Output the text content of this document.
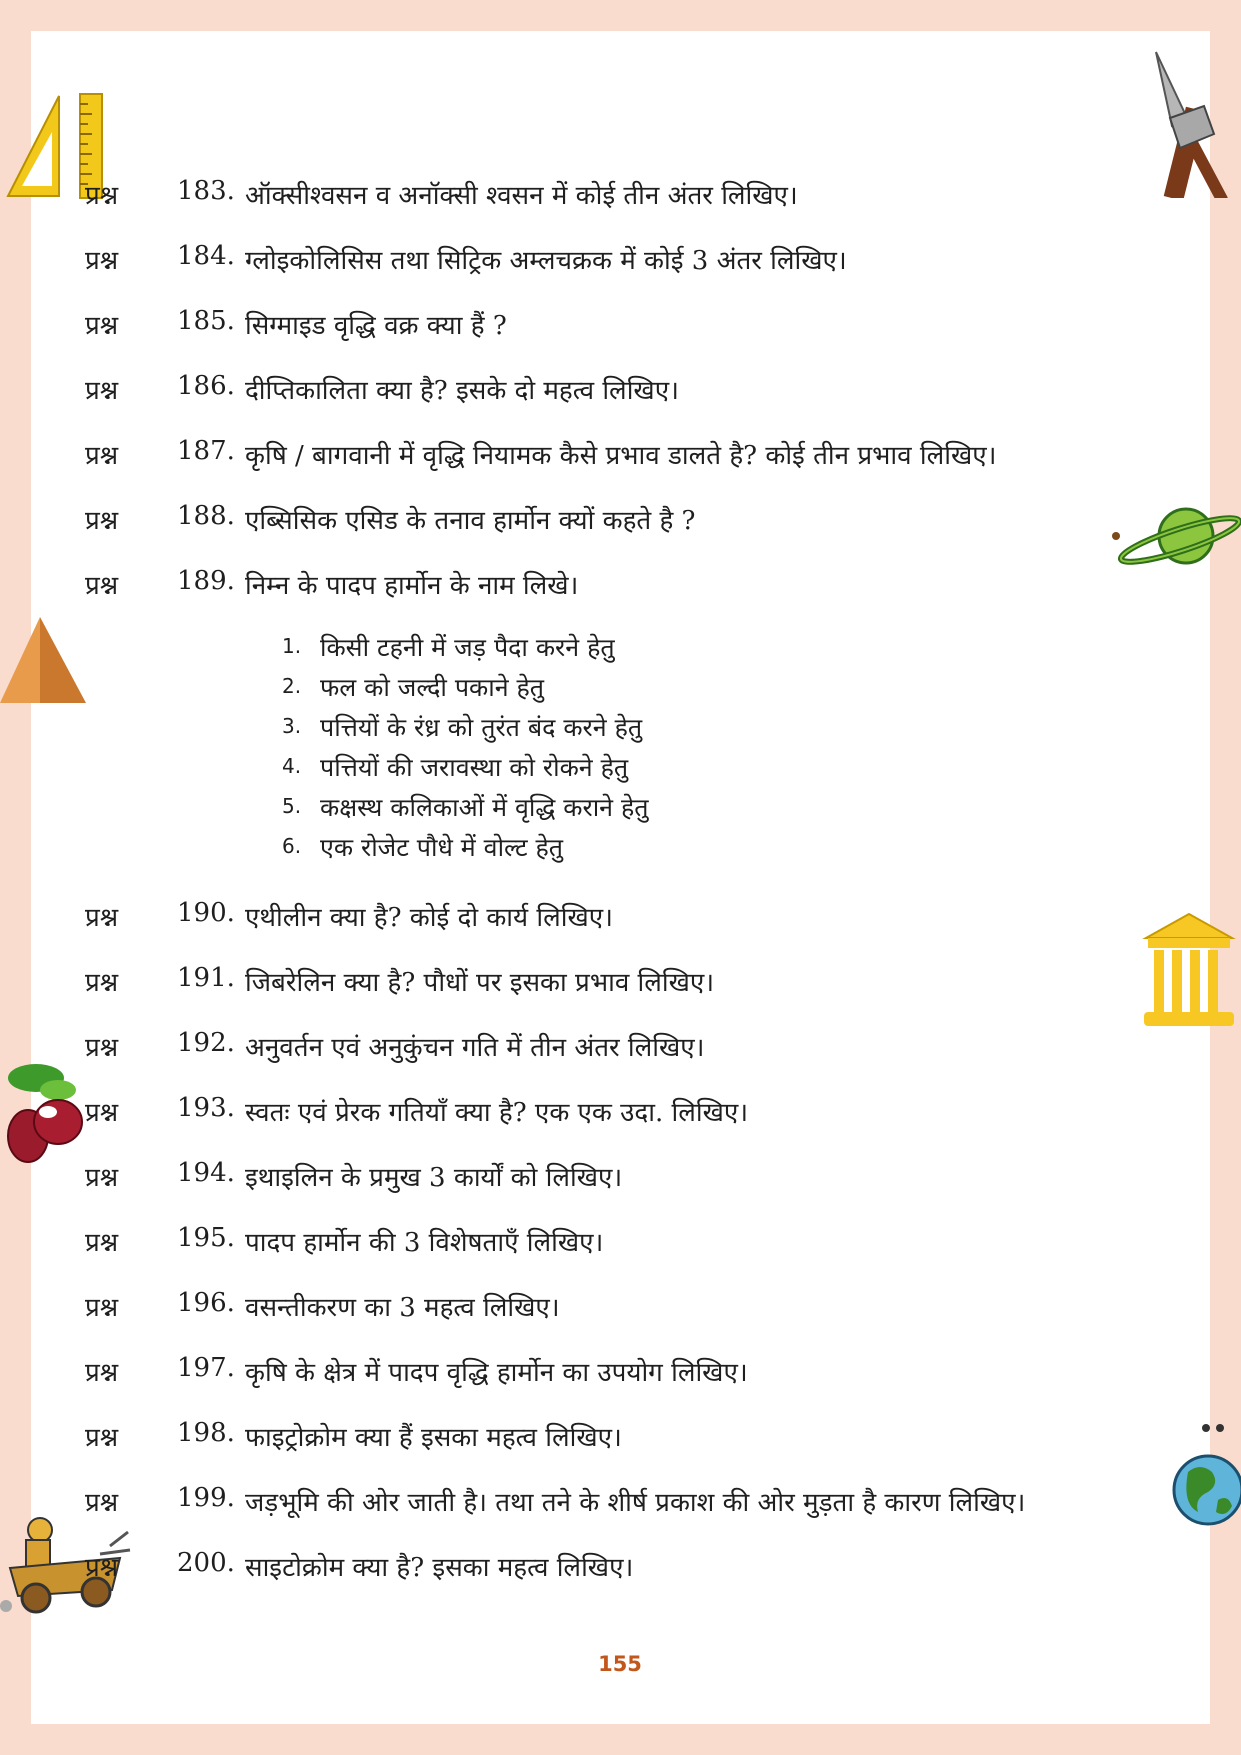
प्रश्न 183. ऑक्सीश्वसन व अनॉक्सी श्वसन में कोई तीन अंतर लिखिए।
प्रश्न 184. ग्लोइकोलिसिस तथा सिट्रिक अम्लचक्रक में कोई 3 अंतर लिखिए।
प्रश्न 185. सिग्माइड वृद्धि वक्र क्या हैं ?
प्रश्न 186. दीप्तिकालिता क्या है? इसके दो महत्व लिखिए।
प्रश्न 187. कृषि / बागवानी में वृद्धि नियामक कैसे प्रभाव डालते है? कोई तीन प्रभाव लिखिए।
प्रश्न 188. एब्सिसिक एसिड के तनाव हार्मोन क्यों कहते है ?
प्रश्न 189. निम्न के पादप हार्मोन के नाम लिखे।
1. किसी टहनी में जड़ पैदा करने हेतु
2. फल को जल्दी पकाने हेतु
3. पत्तियों के रंध्र को तुरंत बंद करने हेतु
4. पत्तियों की जरावस्था को रोकने हेतु
5. कक्षस्थ कलिकाओं में वृद्धि कराने हेतु
6. एक रोजेट पौधे में वोल्ट हेतु
प्रश्न 190. एथीलीन क्या है? कोई दो कार्य लिखिए।
प्रश्न 191. जिबरेलिन क्या है? पौधों पर इसका प्रभाव लिखिए।
प्रश्न 192. अनुवर्तन एवं अनुकुंचन गति में तीन अंतर लिखिए।
प्रश्न 193. स्वतः एवं प्रेरक गतियाँ क्या है? एक एक उदा. लिखिए।
प्रश्न 194. इथाइलिन के प्रमुख 3 कार्यों को लिखिए।
प्रश्न 195. पादप हार्मोन की 3 विशेषताएँ लिखिए।
प्रश्न 196. वसन्तीकरण का 3 महत्व लिखिए।
प्रश्न 197. कृषि के क्षेत्र में पादप वृद्धि हार्मोन का उपयोग लिखिए।
प्रश्न 198. फाइट्रोक्रोम क्या हैं इसका महत्व लिखिए।
प्रश्न 199. जड़भूमि की ओर जाती है। तथा तने के शीर्ष प्रकाश की ओर मुड़ता है कारण लिखिए।
प्रश्न 200. साइटोक्रोम क्या है? इसका महत्व लिखिए।
155
